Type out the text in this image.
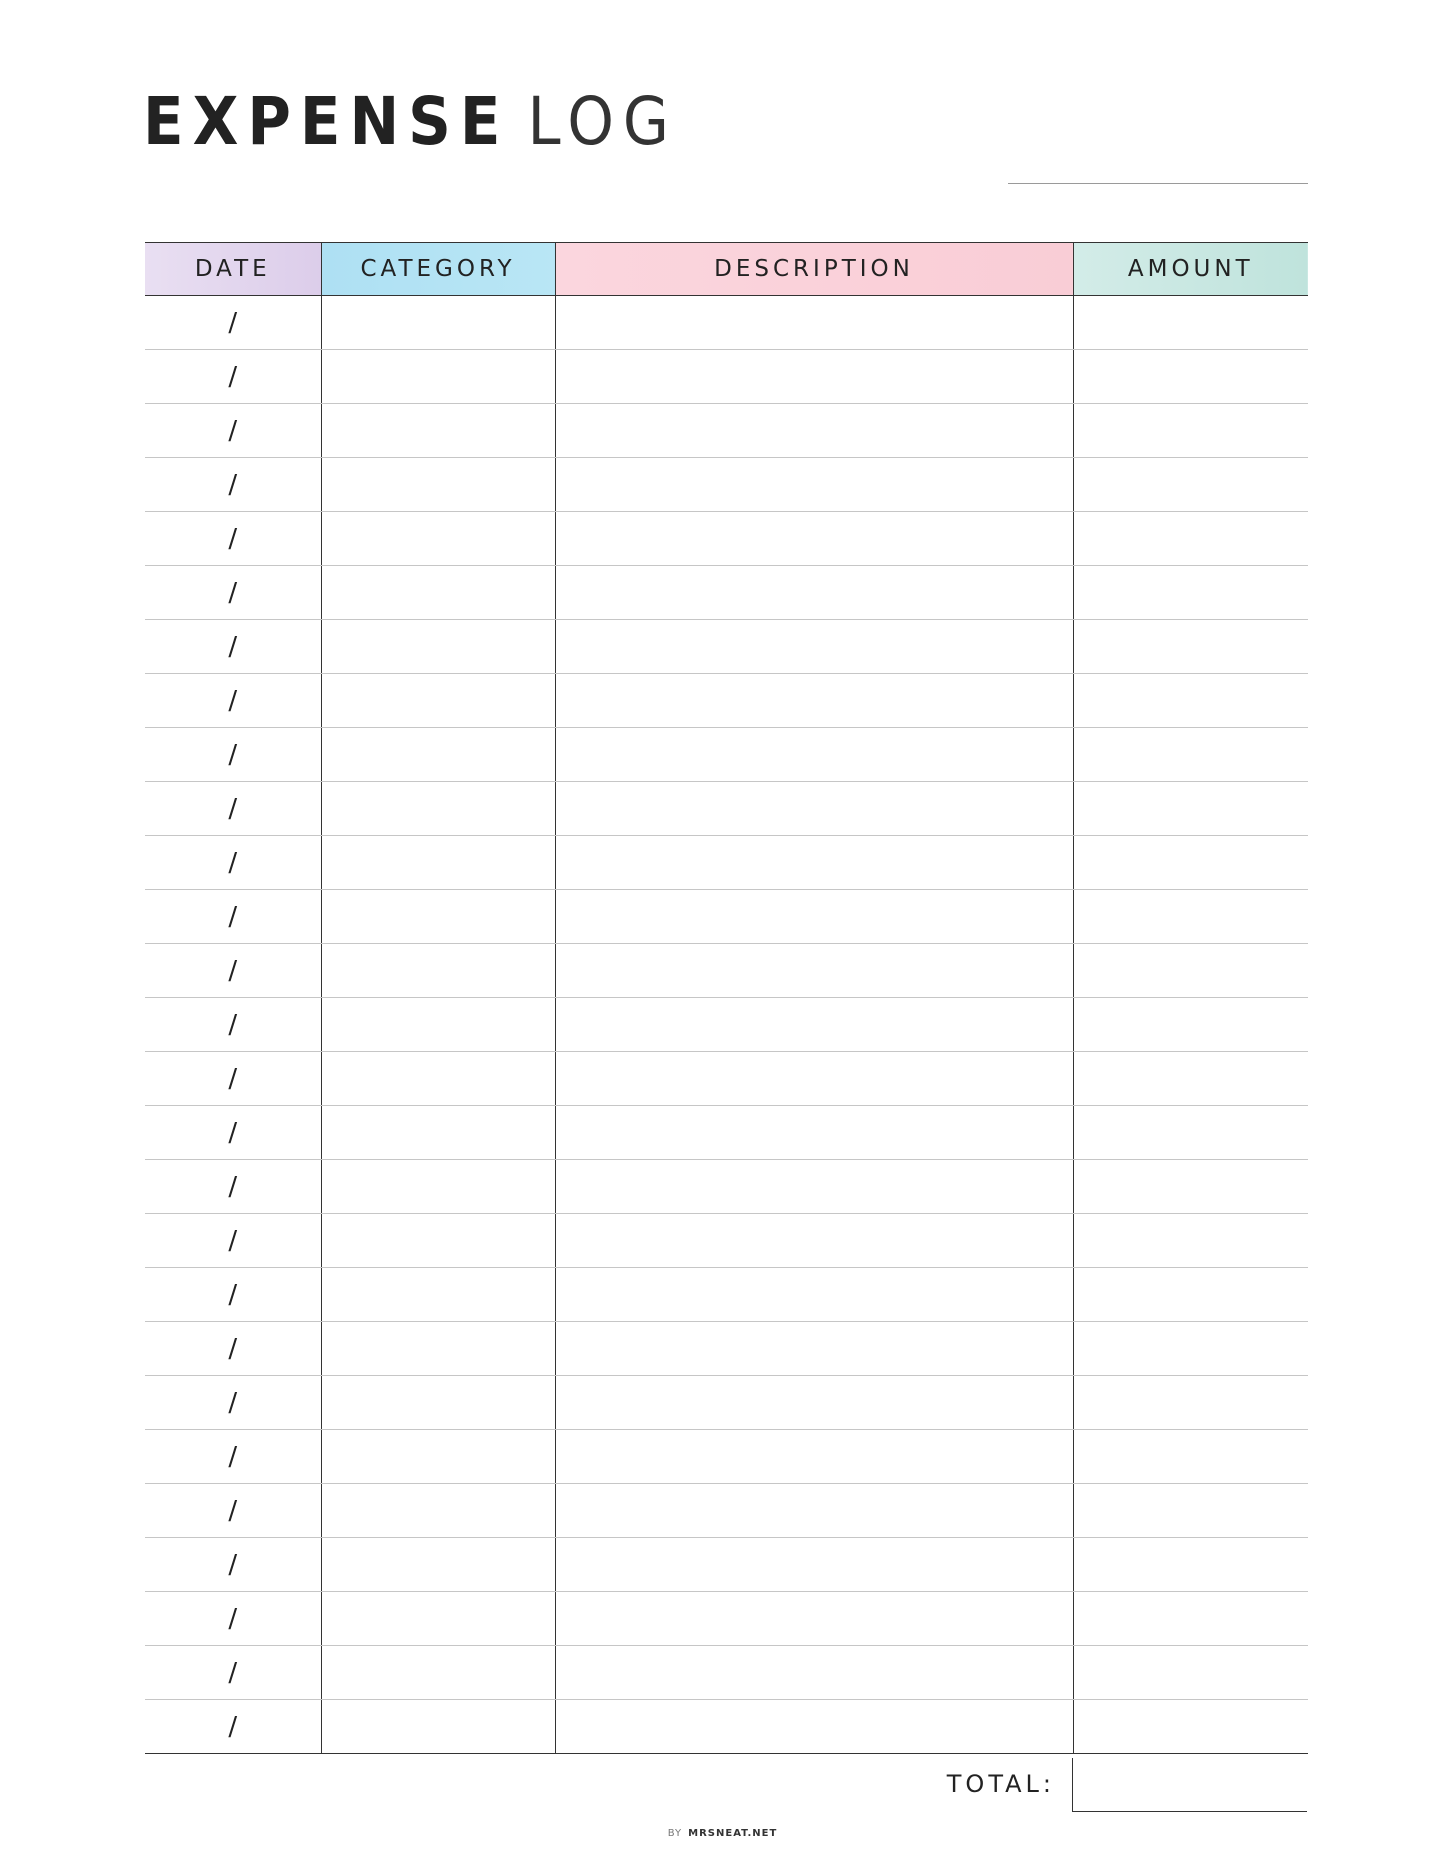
EXPENSE LOG
DATE	CATEGORY	DESCRIPTION	AMOUNT
/			
/			
/			
/			
/			
/			
/			
/			
/			
/			
/			
/			
/			
/			
/			
/			
/			
/			
/			
/			
/			
/			
/			
/			
/			
/			
/			
TOTAL:
BY MRSNEAT.NET
